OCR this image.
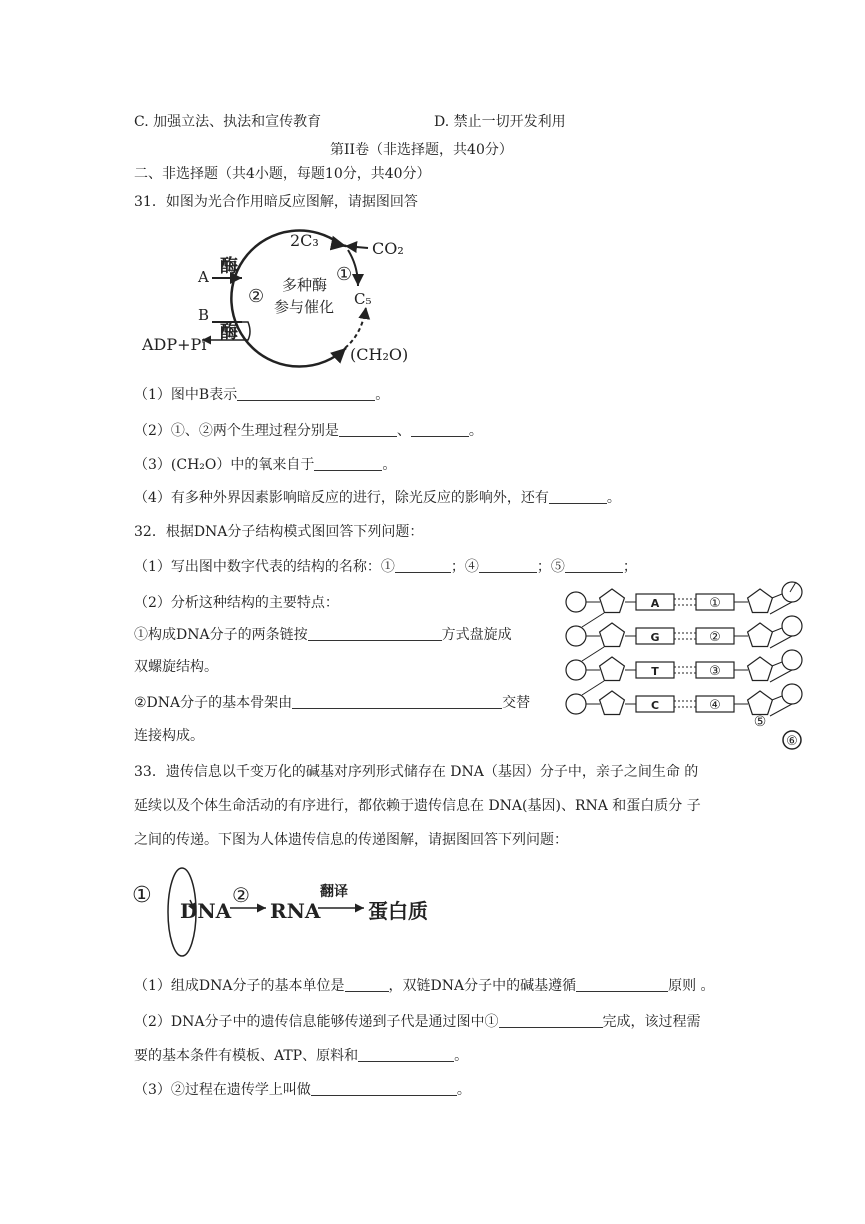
C. 加强立法、执法和宣传教育	D. 禁止一切开发利用
第II卷（非选择题，共40分）
二、非选择题（共4小题，每题10分，共40分）
31．如图为光合作用暗反应图解，请据图回答
2C₃	CO₂
A 酶	①
②
多种酶
参与催化 C₅
B
酶
ADP+Pi
(CH₂O)
（1）图中B表示	。
（2）①、②两个生理过程分别是	、	。
（3）(CH₂O）中的氧来自于	。
（4）有多种外界因素影响暗反应的进行，除光反应的影响外，还有	。
32．根据DNA分子结构模式图回答下列问题：
（1）写出图中数字代表的结构的名称：①	；④	；⑤	；
（2）分析这种结构的主要特点：
①构成DNA分子的两条链按	方式盘旋成
双螺旋结构。
②DNA分子的基本骨架由	交替
连接构成。
A	①
G	②
T	③
C	④
⑤
⑥
33．遗传信息以千变万化的碱基对序列形式储存在 DNA（基因）分子中，亲子之间生命 的
延续以及个体生命活动的有序进行，都依赖于遗传信息在 DNA(基因)、RNA 和蛋白质分 子
之间的传递。下图为人体遗传信息的传递图解，请据图回答下列问题：
①
DNA
②
RNA
翻译
蛋白质
（1）组成DNA分子的基本单位是	，双链DNA分子中的碱基遵循	原则 。
（2）DNA分子中的遗传信息能够传递到子代是通过图中①	完成，该过程需
要的基本条件有模板、ATP、原料和	。
（3）②过程在遗传学上叫做	。
